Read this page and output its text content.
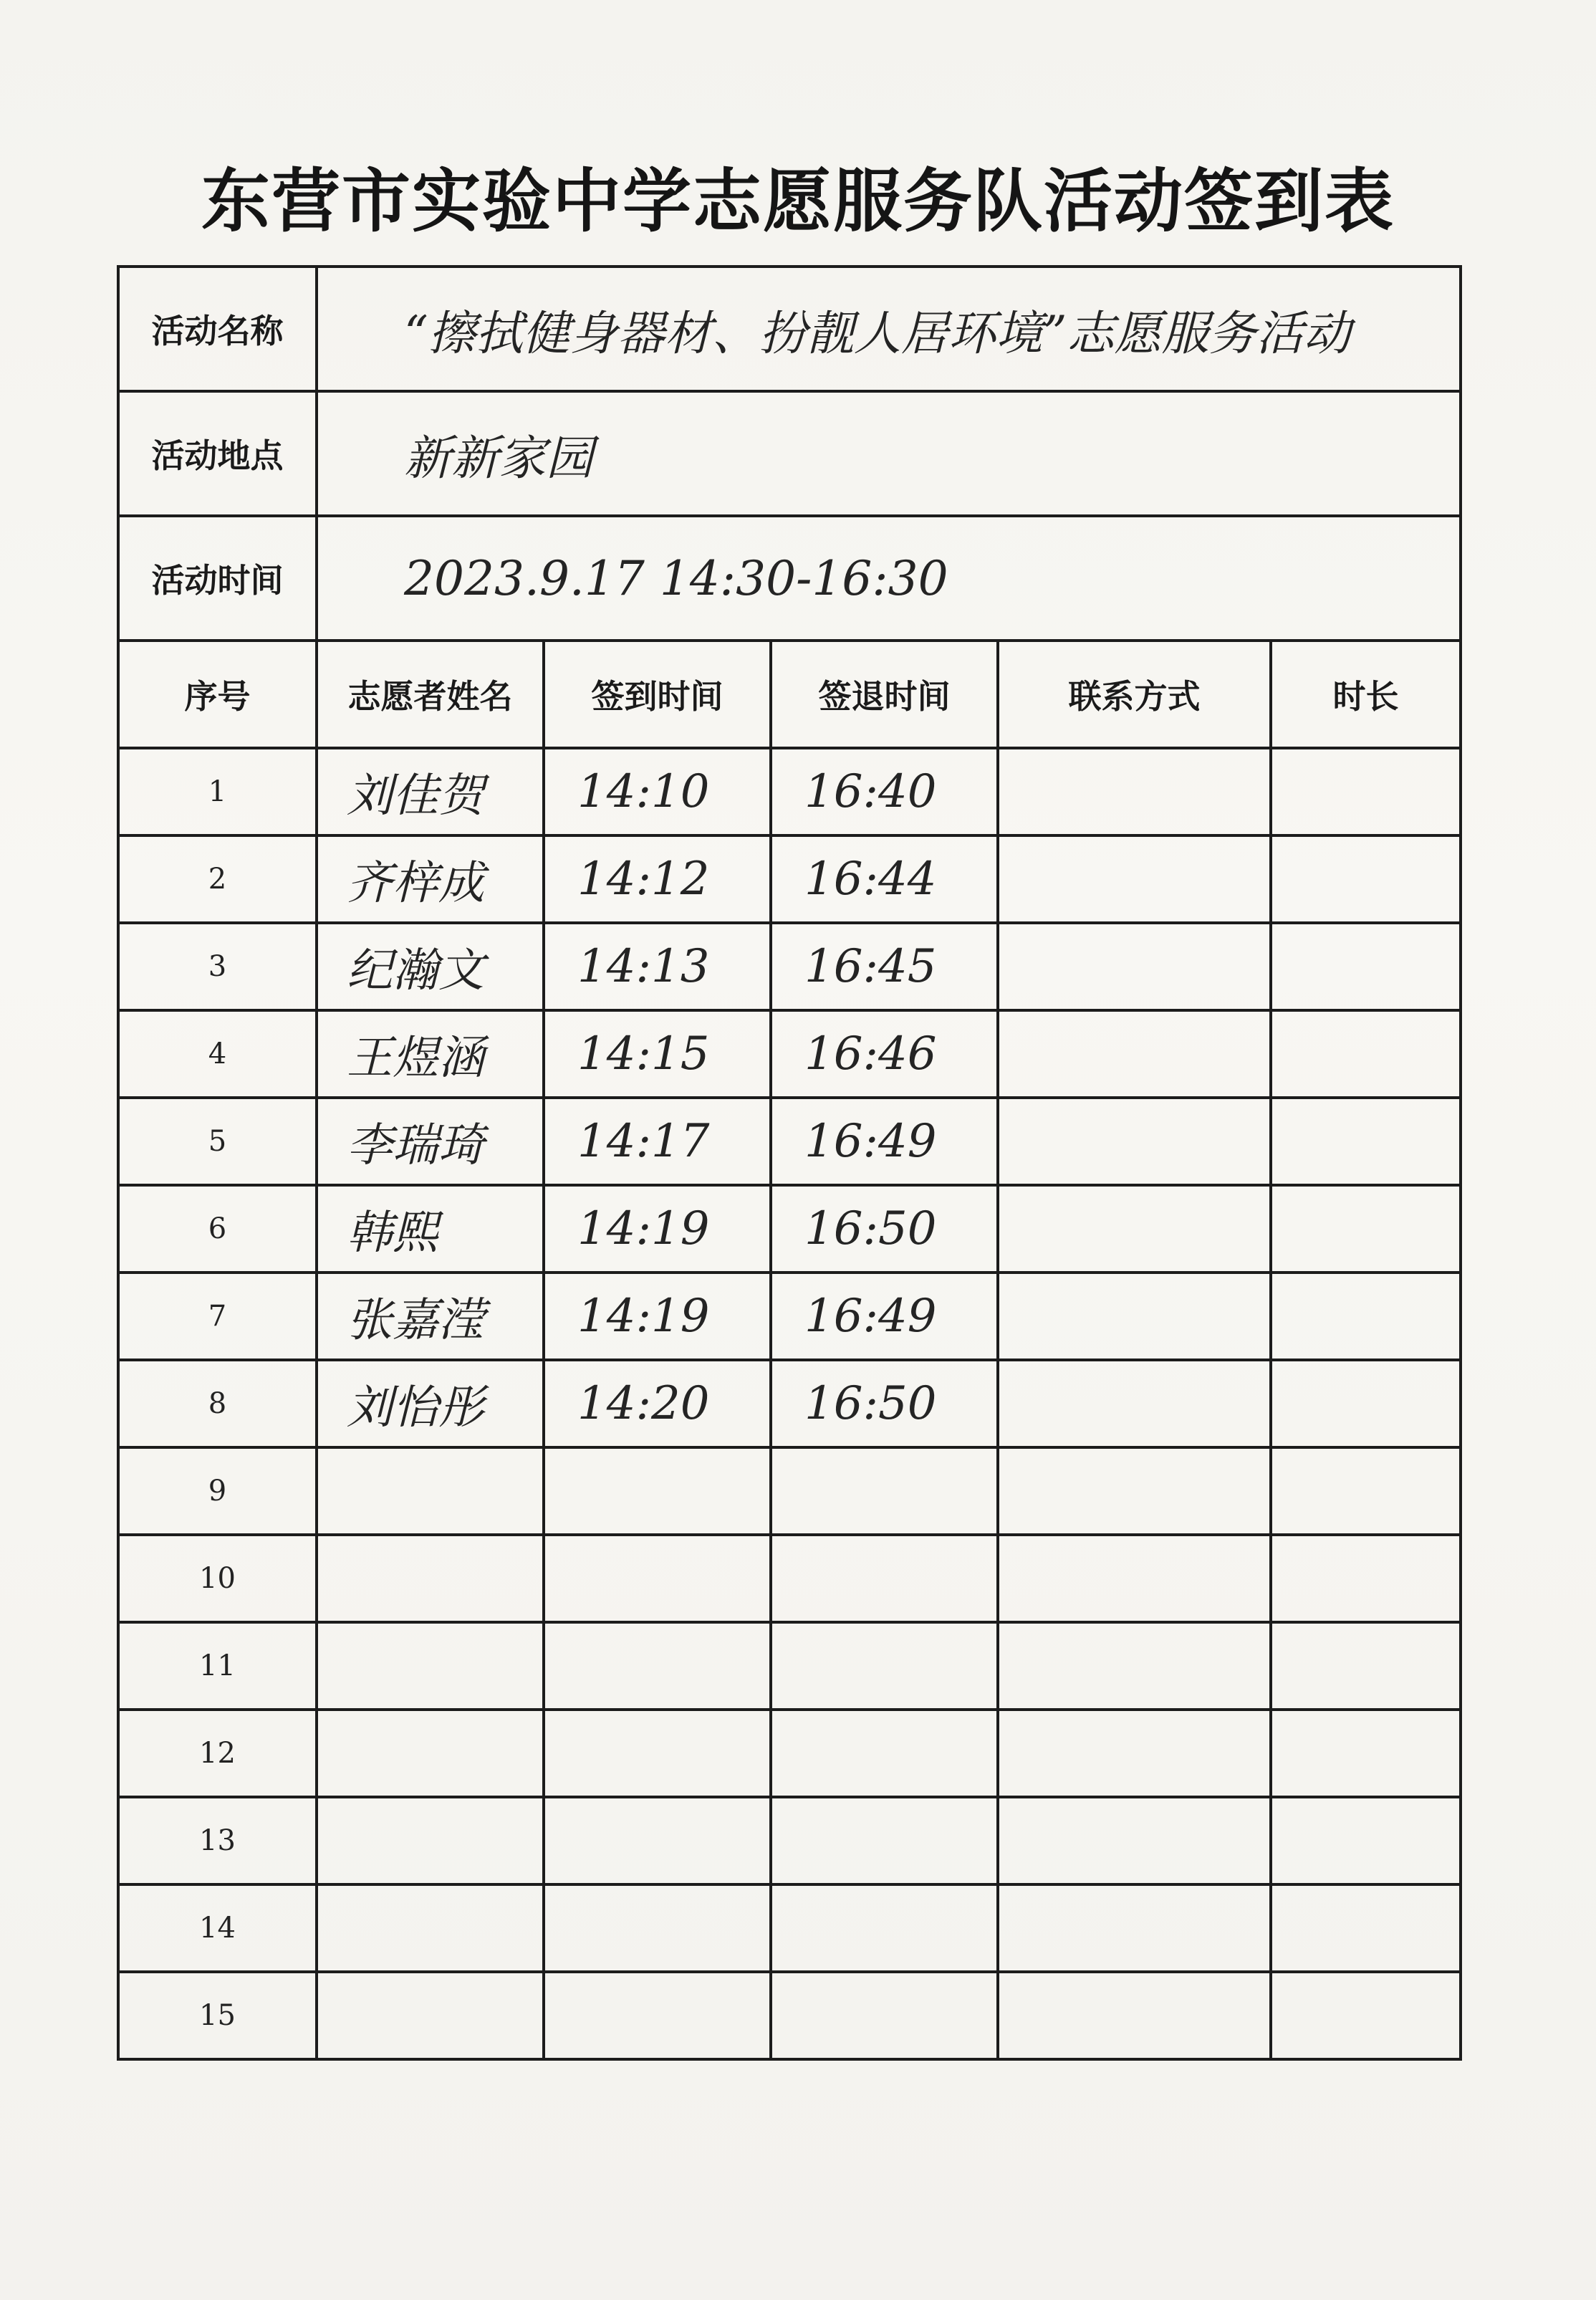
东营市实验中学志愿服务队活动签到表
活动名称	“擦拭健身器材、扮靓人居环境”志愿服务活动				
活动地点	新新家园				
活动时间	2023.9.17 14:30-16:30				
序号	志愿者姓名	签到时间	签退时间	联系方式	时长
1	刘佳贺	14:10	16:40		
2	齐梓成	14:12	16:44		
3	纪瀚文	14:13	16:45		
4	王煜涵	14:15	16:46		
5	李瑞琦	14:17	16:49		
6	韩熙	14:19	16:50		
7	张嘉滢	14:19	16:49		
8	刘怡彤	14:20	16:50		
9					
10					
11					
12					
13					
14					
15					
